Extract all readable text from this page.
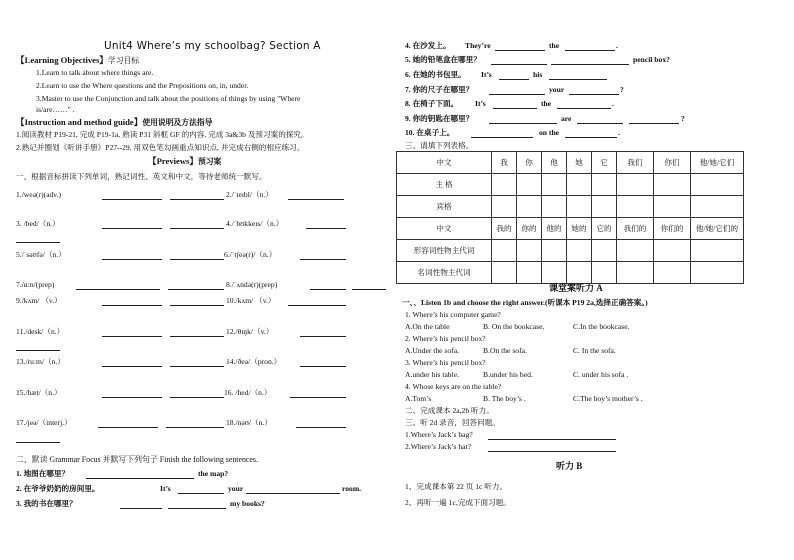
Unit4 Where’s my schoolbag? Section A
【Learning Objectives】学习目标
1.Learn to talk about where things are.
2.Learn to use the Where questions and the Prepositions on, in, under.
3.Master to use the Conjunction and talk about the positions of things by using "Where
is/are……" .
【Instruction and method guide】使用说明及方法指导
1.阅读教材 P19-21, 完成 P19-1a, 熟读 P31 斜框 GF 的内容, 完成 3a&3b 及预习案的探究。
2.熟记并圈划《听讲手册》P27--29, 用双色笔勾画重点知识点, 并完成右侧的相应练习。
【Previews】预习案
一、根据音标拼读下列单词，熟记词性、英文和中文，等待老师统一默写。
1./weə(r)(adv.)	2./ˈteɪbl/（n.）
3. /bed/（n.）	4./ˈbʊkkeɪs/（n.）
5./ˈsəʊfə/（n.）	6./ˈtʃeə(r)/（n.）
7./ɑːn/(prep)	8./ˈʌndə(r)(prep)
9./kʌm/ （v.）	10./kʌm/ （v.）
11./desk/（n.）	12./θɪŋk/（v.）
13./ruːm/（n.）	14./ðeə/（pron.）
15./hæt/（n.）	16. /hed/（n.）
17./jeə/（interj.）	18./nəʊ/（n.）
二、默读 Grammar Focus 并默写下列句子 Finish the following sentences.
1. 地图在哪里？	the map?
2. 在爷爷奶奶的房间里。	It’s	your	room.
3. 我的书在哪里？	my books?
4. 在沙发上。 They’re	the	.
5. 她的铅笔盒在哪里？	pencil box?
6. 在她的书包里。 It’s	his
7. 你的尺子在哪里？	your	?
8. 在椅子下面。 It’s	the	.
9. 你的钥匙在哪里？	are	?
10. 在桌子上。	on the	.
三、请填下列表格。
中文	我	你	他	她	它	我们	你们	他/她/它们
主 格								
宾格								
中文	我的	你的	他的	她的	它的	我们的	你们的	他/她/它们的
形容词性物主代词								
名词性物主代词								
课堂案听力 A
一、、Listen 1b and choose the right answer.(听课本 P19 2a,选择正确答案。)
1. Where’s his computer game?
A.On the table	B. On the bookcase.	C.In the bookcase.
2. Where’s his pencil box?
A.Under the sofa.	B.On the sofa.	C. In the sofa.
3. Where’s his pencil box?
A.under his table.	B.under his bed.	C. under his sofa .
4. Whose keys are on the table?
A.Tom’s	B. The boy’s .	C.The boy’s mother’s .
二、完成课本 2a,2b 听力。
三、听 2d 录音，回答问题。
1.Where’s Jack’s bag?
2.Where’s Jack’s hat?
听力 B
1、完成课本第 22 页 1c 听力。
2、再听一遍 1c,完成下面习题。
